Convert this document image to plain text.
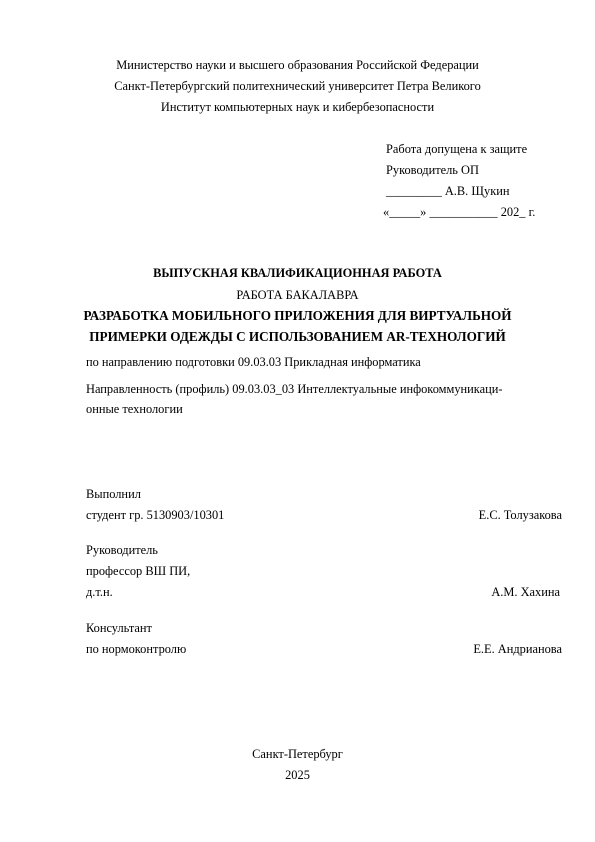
Министерство науки и высшего образования Российской Федерации
Санкт-Петербургский политехнический университет Петра Великого
Институт компьютерных наук и кибербезопасности
Работа допущена к защите
Руководитель ОП
_________ А.В. Щукин
«_____» ___________ 202_ г.
ВЫПУСКНАЯ КВАЛИФИКАЦИОННАЯ РАБОТА
РАБОТА БАКАЛАВРА
РАЗРАБОТКА МОБИЛЬНОГО ПРИЛОЖЕНИЯ ДЛЯ ВИРТУАЛЬНОЙ
ПРИМЕРКИ ОДЕЖДЫ С ИСПОЛЬЗОВАНИЕМ AR-ТЕХНОЛОГИЙ
по направлению подготовки 09.03.03 Прикладная информатика
Направленность (профиль) 09.03.03_03 Интеллектуальные инфокоммуникаци-
онные технологии
Выполнил
студент гр. 5130903/10301	Е.С. Толузакова
Руководитель
профессор ВШ ПИ,
д.т.н.	А.М. Хахина
Консультант
по нормоконтролю	Е.Е. Андрианова
Санкт-Петербург
2025
